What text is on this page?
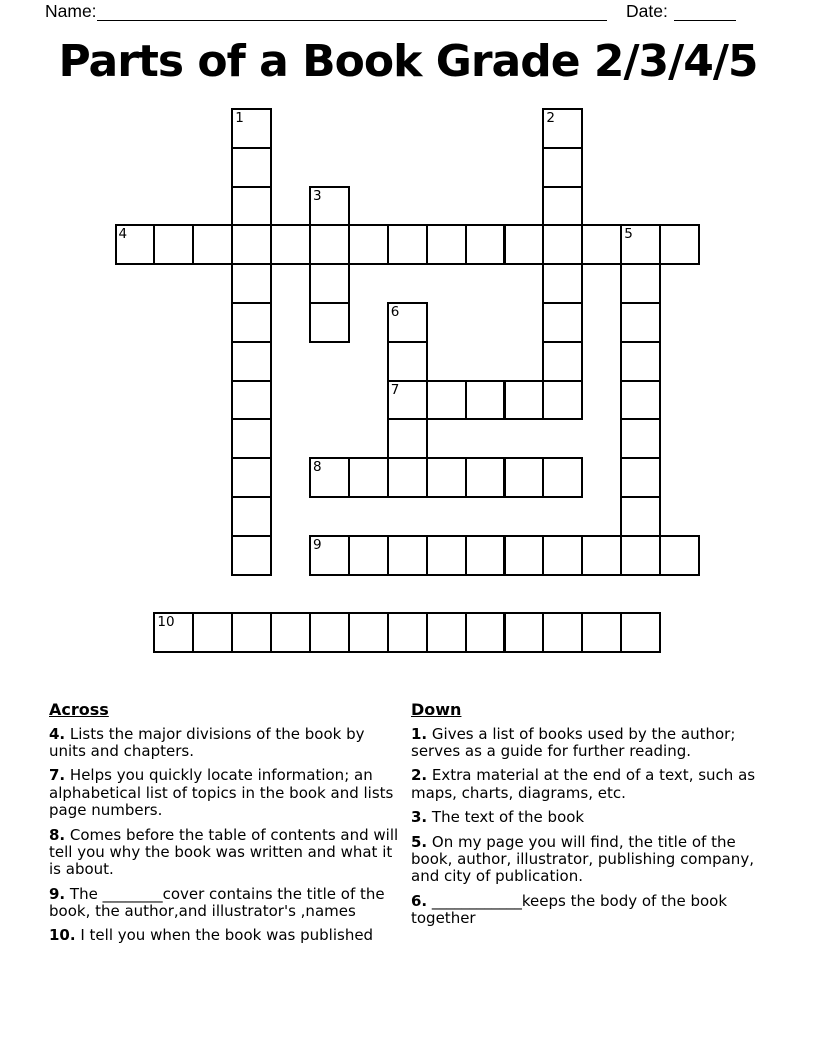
Name:	Date:
Parts of a Book Grade 2/3/4/5
1	2
3
4	5
6
7
8
9
10

Across

4. Lists the major divisions of the book by units and chapters.

7. Helps you quickly locate information; an alphabetical list of topics in the book and lists page numbers.

8. Comes before the table of contents and will tell you why the book was written and what it is about.

9. The ________cover contains the title of the book, the author,and illustrator's ,names

10. I tell you when the book was published

Down

1. Gives a list of books used by the author; serves as a guide for further reading.

2. Extra material at the end of a text, such as maps, charts, diagrams, etc.

3. The text of the book

5. On my page you will find, the title of the book, author, illustrator, publishing company, and city of publication.

6. ____________keeps the body of the book together
